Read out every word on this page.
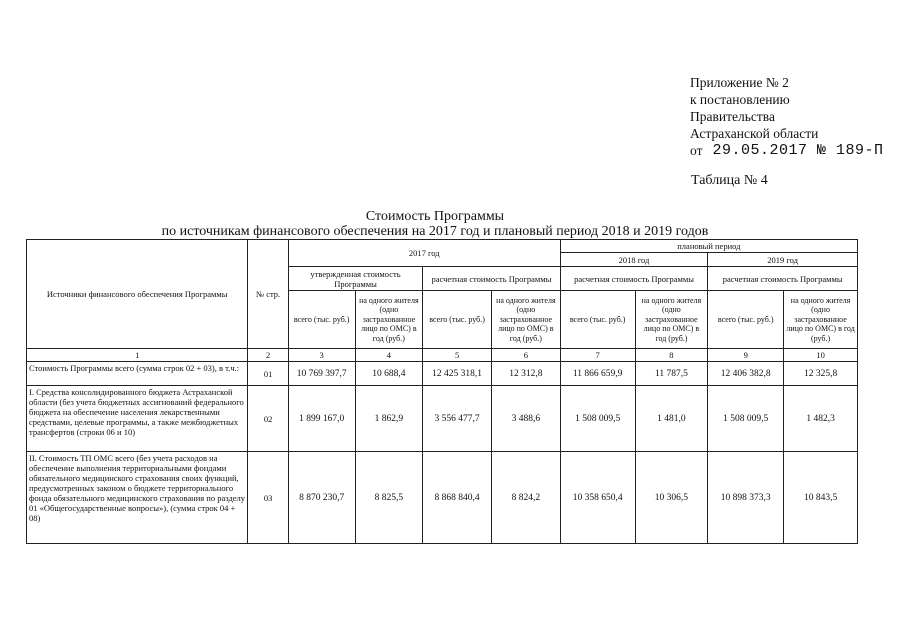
Приложение № 2
к постановлению
Правительства
Астраханской области
от 29.05.2017 № 189-П
Таблица № 4
Стоимость Программы
по источникам финансового обеспечения на 2017 год и плановый период 2018 и 2019 годов
Источники финансового обеспечения Программы	№ стр.	2017 год				плановый период			
						2018 год		2019 год	
		утвержденная стоимость Программы		расчетная стоимость Программы		расчетная стоимость Программы		расчетная стоимость Программы	
		всего (тыс. руб.)	на одного жителя (одно застрахованное лицо по ОМС) в год (руб.)	всего (тыс. руб.)	на одного жителя (одно застрахованное лицо по ОМС) в год (руб.)	всего (тыс. руб.)	на одного жителя (одно застрахованное лицо по ОМС) в год (руб.)	всего (тыс. руб.)	на одного жителя (одно застрахованное лицо по ОМС) в год (руб.)
1	2	3	4	5	6	7	8	9	10
Стоимость Программы всего (сумма строк 02 + 03), в т.ч.:	01	10 769 397,7	10 688,4	12 425 318,1	12 312,8	11 866 659,9	11 787,5	12 406 382,8	12 325,8
I. Средства консолидированного бюджета Астраханской области (без учета бюджетных ассигнований федерального бюджета на обеспечение населения лекарственными средствами, целевые программы, а также межбюджетных трансфертов (строки 06 и 10)	02	1 899 167,0	1 862,9	3 556 477,7	3 488,6	1 508 009,5	1 481,0	1 508 009,5	1 482,3
II. Стоимость ТП ОМС всего (без учета расходов на обеспечение выполнения территориальными фондами обязательного медицинского страхования своих функций, предусмотренных законом о бюджете территориального фонда обязательного медицинского страхования по разделу 01 «Общегосударственные вопросы»), (сумма строк 04 + 08)	03	8 870 230,7	8 825,5	8 868 840,4	8 824,2	10 358 650,4	10 306,5	10 898 373,3	10 843,5
